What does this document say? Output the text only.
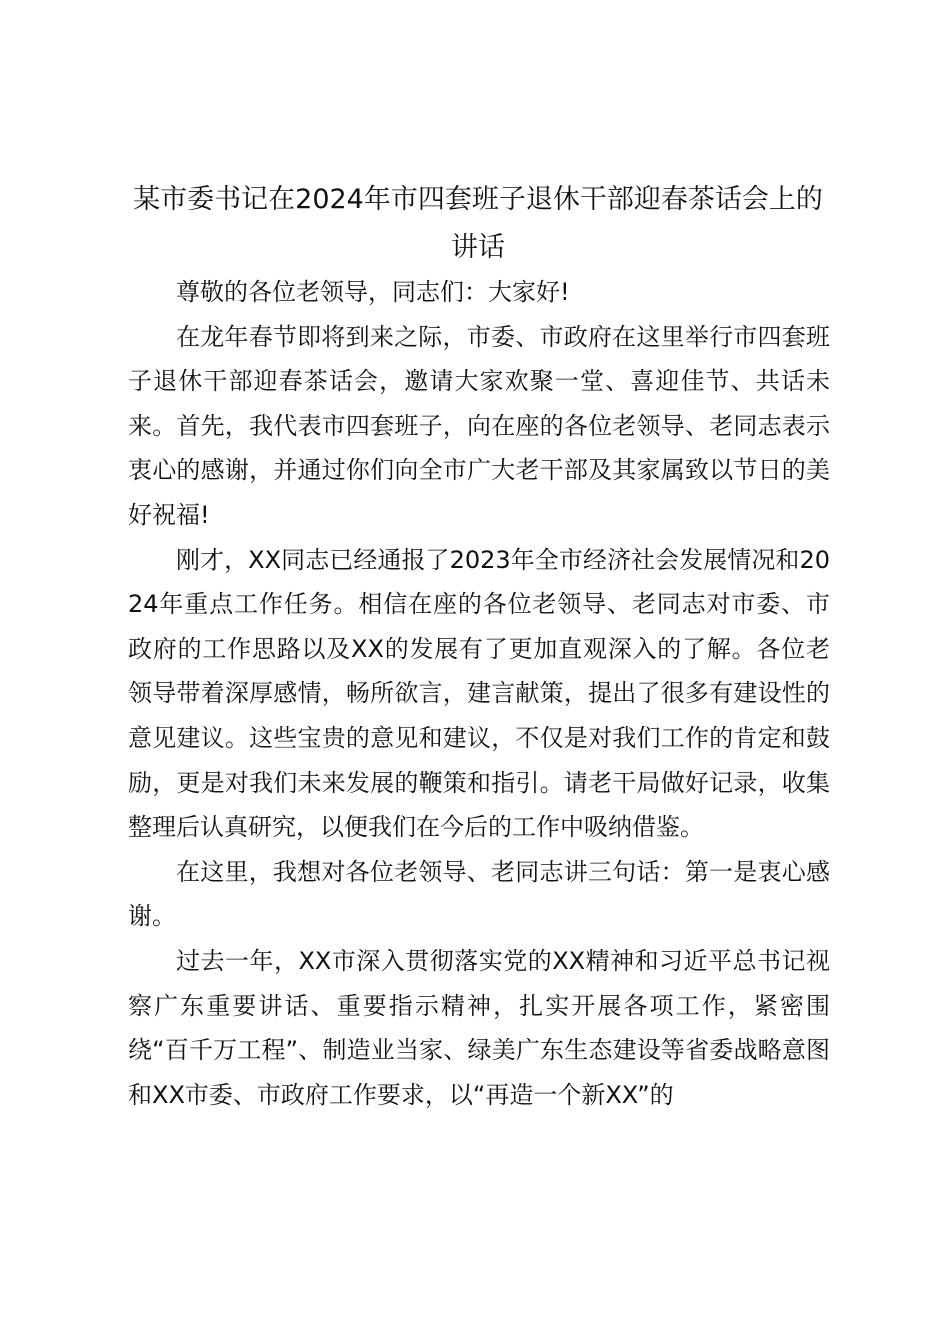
某市委书记在2024年市四套班子退休干部迎春茶话会上的讲话

尊敬的各位老领导，同志们：大家好!

在龙年春节即将到来之际，市委、市政府在这里举行市四套班子退休干部迎春茶话会，邀请大家欢聚一堂、喜迎佳节、共话未来。首先，我代表市四套班子，向在座的各位老领导、老同志表示衷心的感谢，并通过你们向全市广大老干部及其家属致以节日的美好祝福!

刚才，XX同志已经通报了2023年全市经济社会发展情况和2024年重点工作任务。相信在座的各位老领导、老同志对市委、市政府的工作思路以及XX的发展有了更加直观深入的了解。各位老领导带着深厚感情，畅所欲言，建言献策，提出了很多有建设性的意见建议。这些宝贵的意见和建议，不仅是对我们工作的肯定和鼓励，更是对我们未来发展的鞭策和指引。请老干局做好记录，收集整理后认真研究，以便我们在今后的工作中吸纳借鉴。

在这里，我想对各位老领导、老同志讲三句话：第一是衷心感谢。

过去一年，XX市深入贯彻落实党的XX精神和习近平总书记视察广东重要讲话、重要指示精神，扎实开展各项工作，紧密围绕“百千万工程”、制造业当家、绿美广东生态建设等省委战略意图和XX市委、市政府工作要求，以“再造一个新XX”的
